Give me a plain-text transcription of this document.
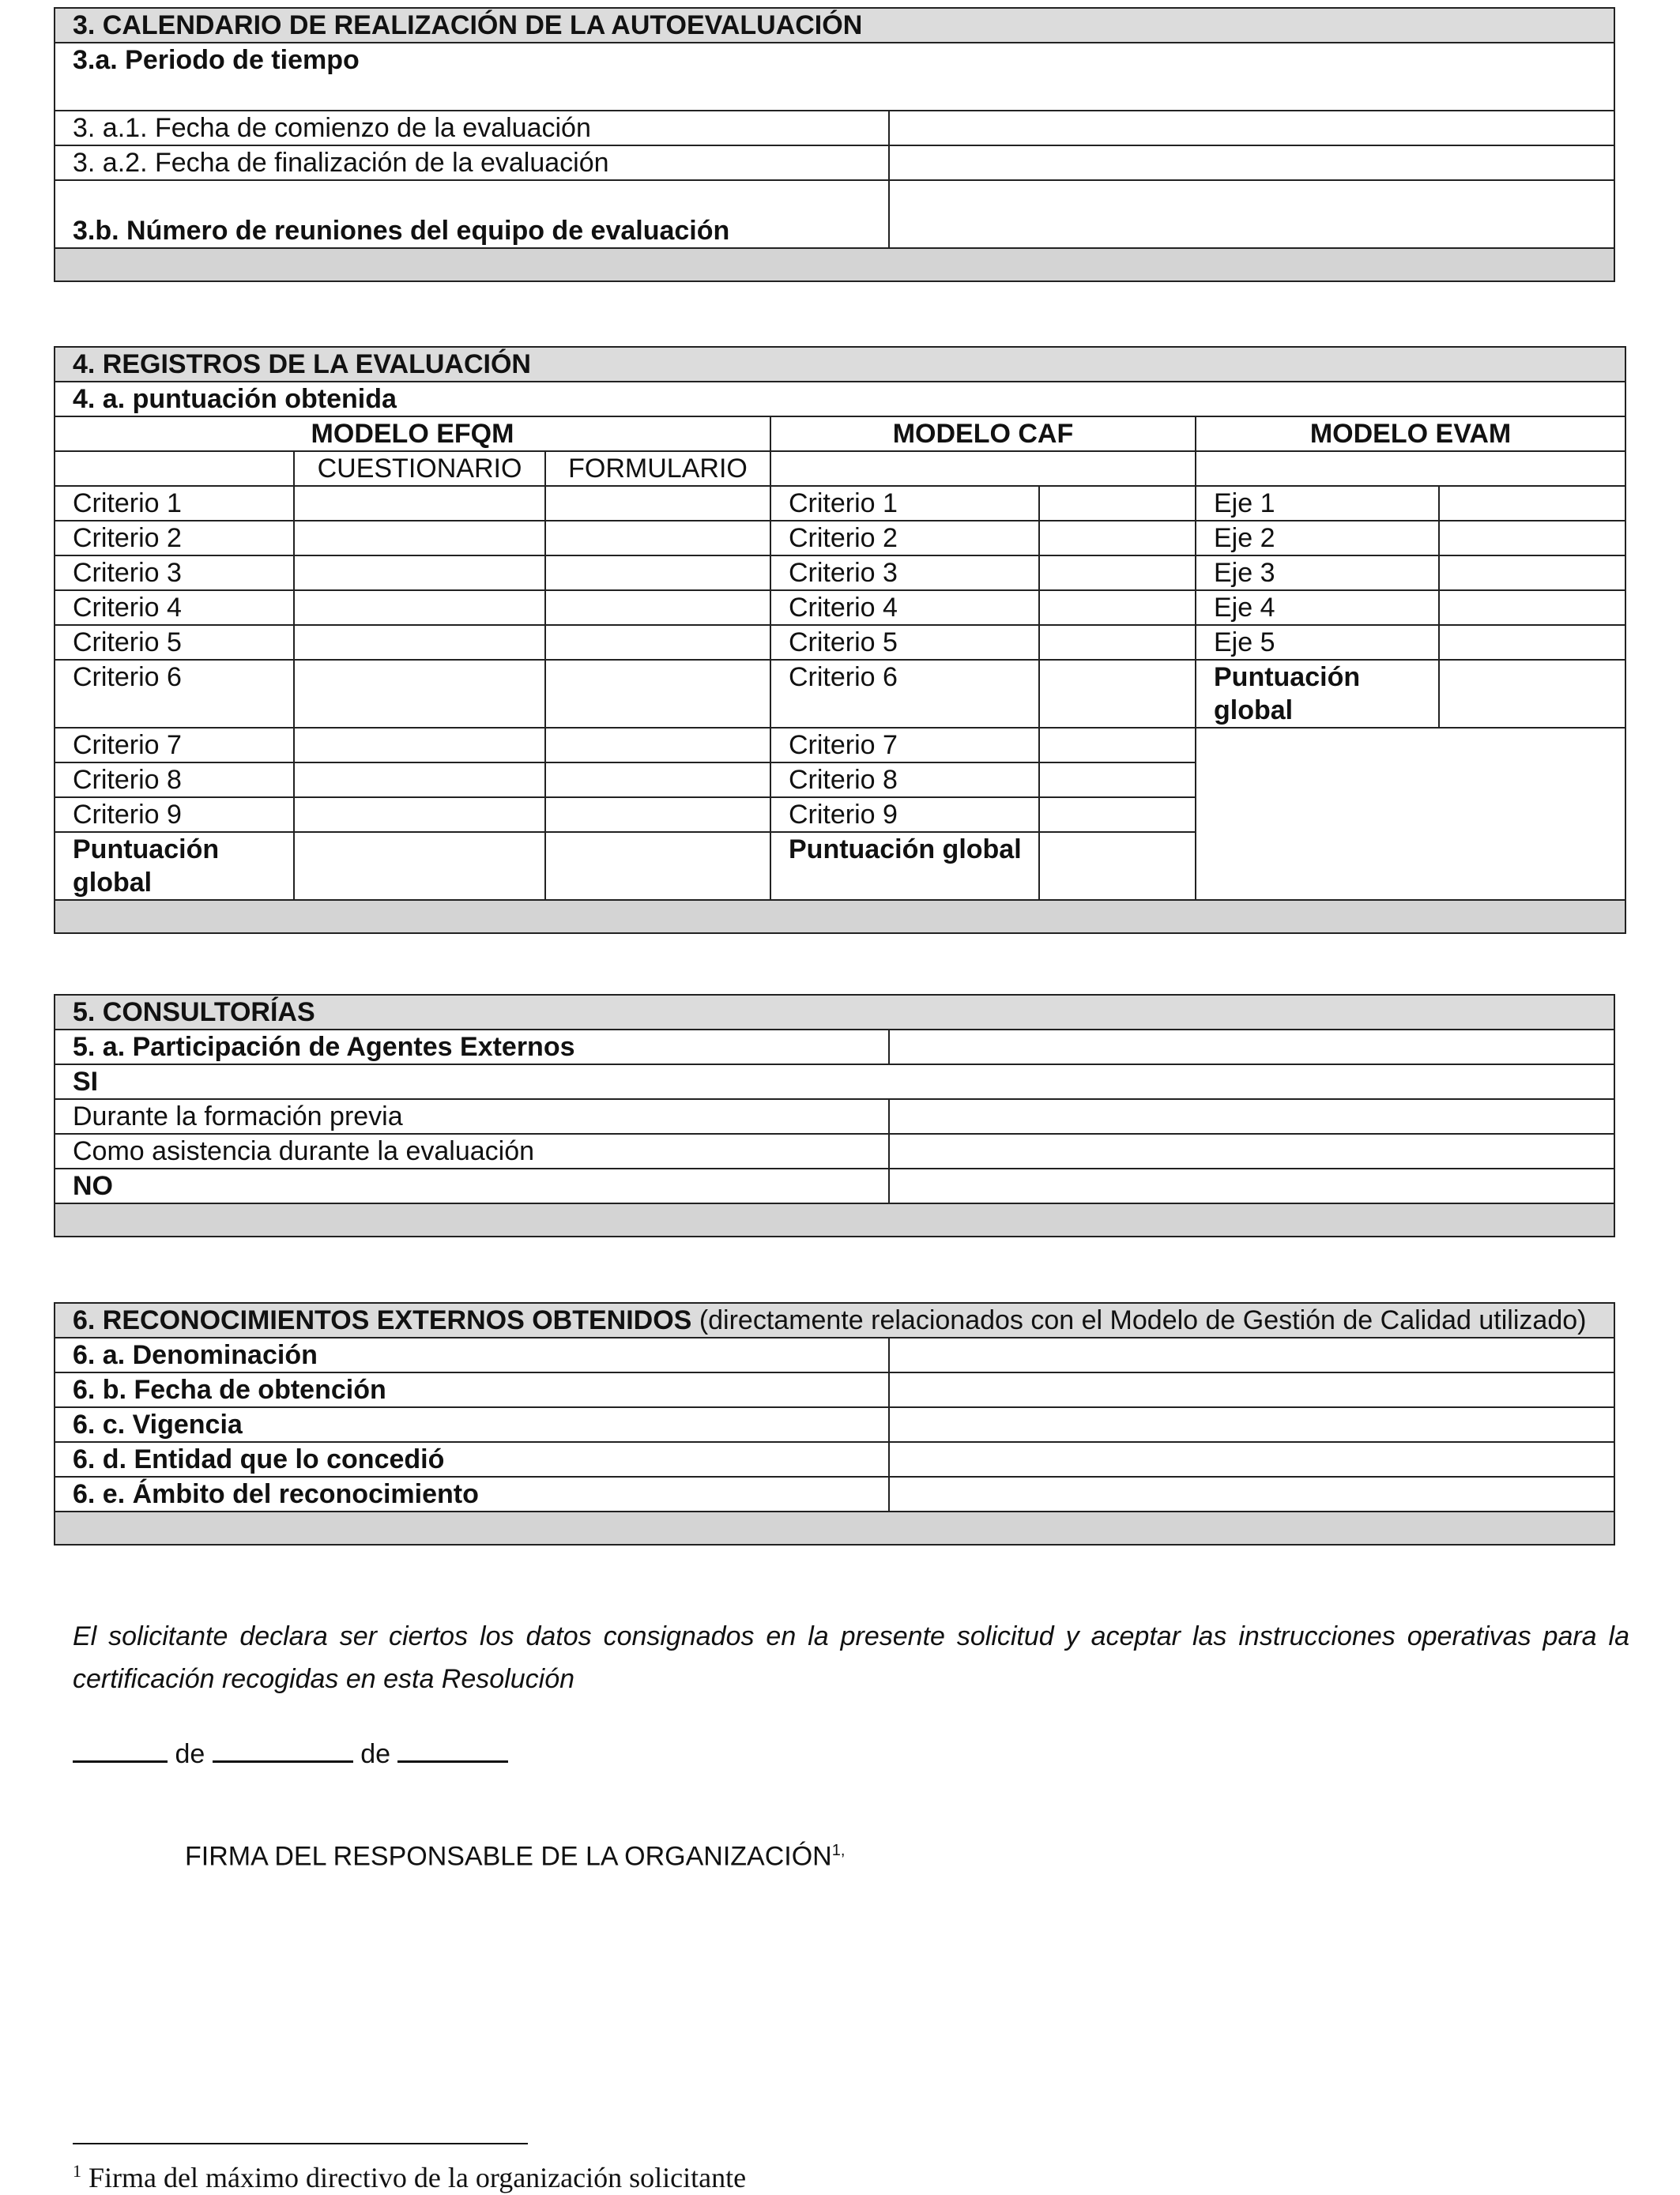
3. CALENDARIO DE REALIZACIÓN DE LA AUTOEVALUACIÓN	
3.a. Periodo de tiempo	
3. a.1. Fecha de comienzo de la evaluación	
3. a.2. Fecha de finalización de la evaluación	
3.b. Número de reuniones del equipo de evaluación	

4. REGISTROS DE LA EVALUACIÓN						
4. a. puntuación obtenida						
MODELO EFQM			MODELO CAF		MODELO EVAM	
	CUESTIONARIO	FORMULARIO				
Criterio 1			Criterio 1		Eje 1	
Criterio 2			Criterio 2		Eje 2	
Criterio 3			Criterio 3		Eje 3	
Criterio 4			Criterio 4		Eje 4	
Criterio 5			Criterio 5		Eje 5	
Criterio 6			Criterio 6		Puntuación global	
Criterio 7			Criterio 7			
Criterio 8			Criterio 8			
Criterio 9			Criterio 9			
Puntuación global			Puntuación global			

5. CONSULTORÍAS	
5. a. Participación de Agentes Externos	
SI	
Durante la formación previa	
Como asistencia durante la evaluación	
NO	

6. RECONOCIMIENTOS EXTERNOS OBTENIDOS (directamente relacionados con el Modelo de Gestión de Calidad utilizado)	
6. a. Denominación	
6. b. Fecha de obtención	
6. c. Vigencia	
6. d. Entidad que lo concedió	
6. e. Ámbito del reconocimiento	

El solicitante declara ser ciertos los datos consignados en la presente solicitud y aceptar las instrucciones operativas para la certificación recogidas en esta Resolución
de	de
FIRMA DEL RESPONSABLE DE LA $ORGANIZACIÓN^{1,}$
$^1$ Firma del máximo directivo de la organización solicitante
